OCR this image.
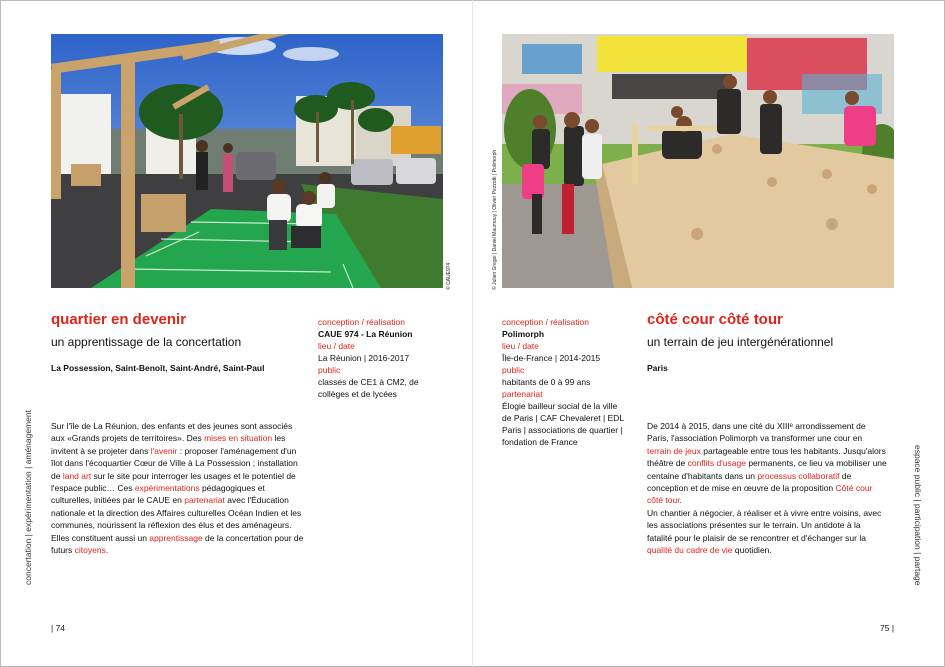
© CAUE974	© Julien Gregoi | Daniel Maumouy | Olivier Pezzotti | Polimorph
quartier en devenir
un apprentissage de la concertation
La Possession, Saint-Benoît, Saint-André, Saint-Paul
conception / réalisation
CAUE 974 - La Réunion
lieu / date
La Réunion | 2016-2017
public
classes de CE1 à CM2, de collèges et de lycées
Sur l'île de La Réunion, des enfants et des jeunes sont associés aux «Grands projets de territoires». Des mises en situation les invitent à se projeter dans l'avenir : proposer l'aménagement d'un îlot dans l'écoquartier Cœur de Ville à La Possession ; installation de land art sur le site pour interroger les usages et le potentiel de l'espace public… Ces expérimentations pédagogiques et culturelles, initiées par le CAUE en partenariat avec l'Éducation nationale et la direction des Affaires culturelles Océan Indien et les communes, nourissent la réflexion des élus et des aménageurs. Elles constituent aussi un apprentissage de la concertation pour de futurs citoyens.
concertation | expérimentation | aménagement
| 74
conception / réalisation
Polimorph
lieu / date
Île-de-France | 2014-2015
public
habitants de 0 à 99 ans
partenariat
Élogie bailleur social de la ville de Paris | CAF Chevaleret | EDL Paris | associations de quartier | fondation de France
côté cour côté tour
un terrain de jeu intergénérationnel
Paris
De 2014 à 2015, dans une cité du XIIIᵉ arrondissement de Paris, l'association Polimorph va transformer une cour en terrain de jeux partageable entre tous les habitants. Jusqu'alors théâtre de conflits d'usage permanents, ce lieu va mobiliser une centaine d'habitants dans un processus collaboratif de conception et de mise en œuvre de la proposition Côté cour côté tour.
Un chantier à négocier, à réaliser et à vivre entre voisins, avec les associations présentes sur le terrain. Un antidote à la fatalité pour le plaisir de se rencontrer et d'échanger sur la qualité du cadre de vie quotidien.	espace public | participation | partage
75 |
